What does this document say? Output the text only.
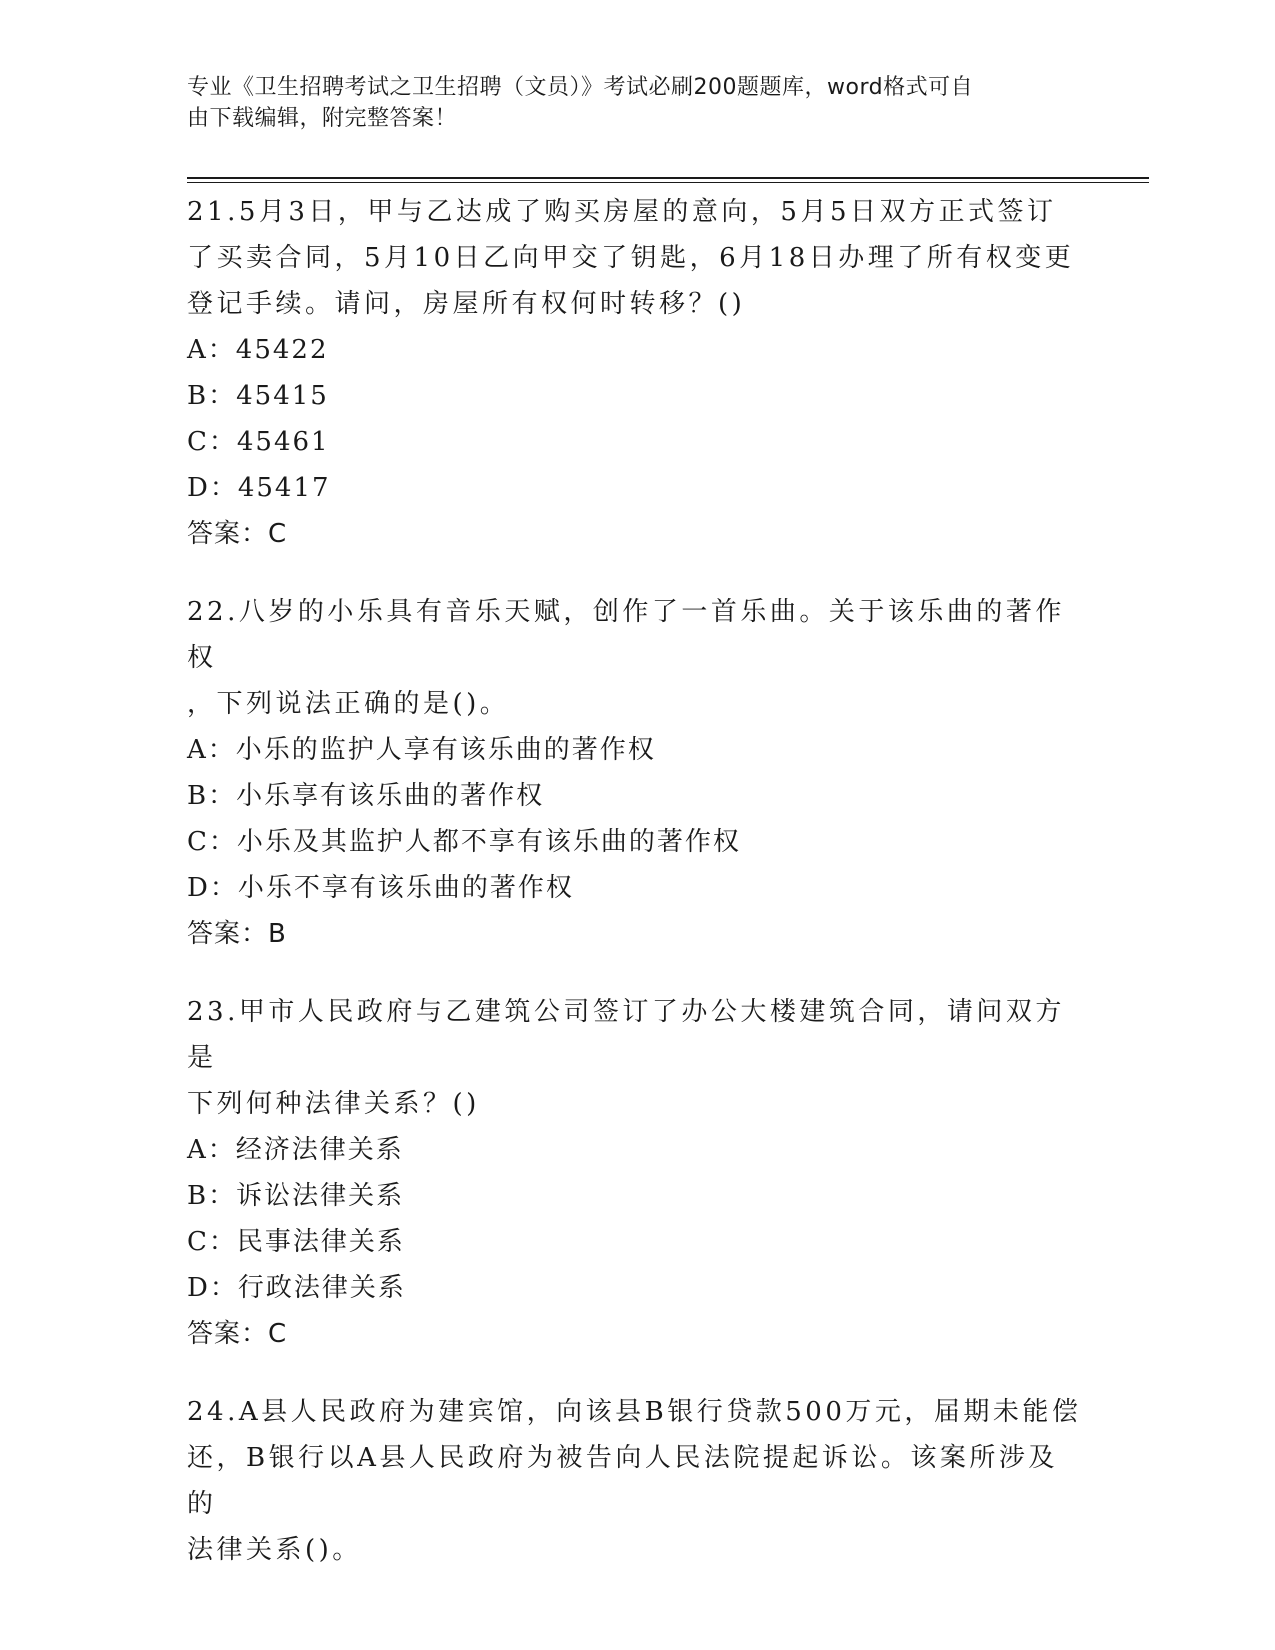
专业《卫生招聘考试之卫生招聘（文员）》考试必刷200题题库，word格式可自
由下载编辑，附完整答案！
21.5月3日，甲与乙达成了购买房屋的意向，5月5日双方正式签订
了买卖合同，5月10日乙向甲交了钥匙，6月18日办理了所有权变更
登记手续。请问，房屋所有权何时转移？()
A：45422
B：45415
C：45461
D：45417
答案：C
22.八岁的小乐具有音乐天赋，创作了一首乐曲。关于该乐曲的著作权
，下列说法正确的是()。
A：小乐的监护人享有该乐曲的著作权
B：小乐享有该乐曲的著作权
C：小乐及其监护人都不享有该乐曲的著作权
D：小乐不享有该乐曲的著作权
答案：B
23.甲市人民政府与乙建筑公司签订了办公大楼建筑合同，请问双方是
下列何种法律关系？()
A：经济法律关系
B：诉讼法律关系
C：民事法律关系
D：行政法律关系
答案：C
24.A县人民政府为建宾馆，向该县B银行贷款500万元，届期未能偿
还，B银行以A县人民政府为被告向人民法院提起诉讼。该案所涉及的
法律关系()。
